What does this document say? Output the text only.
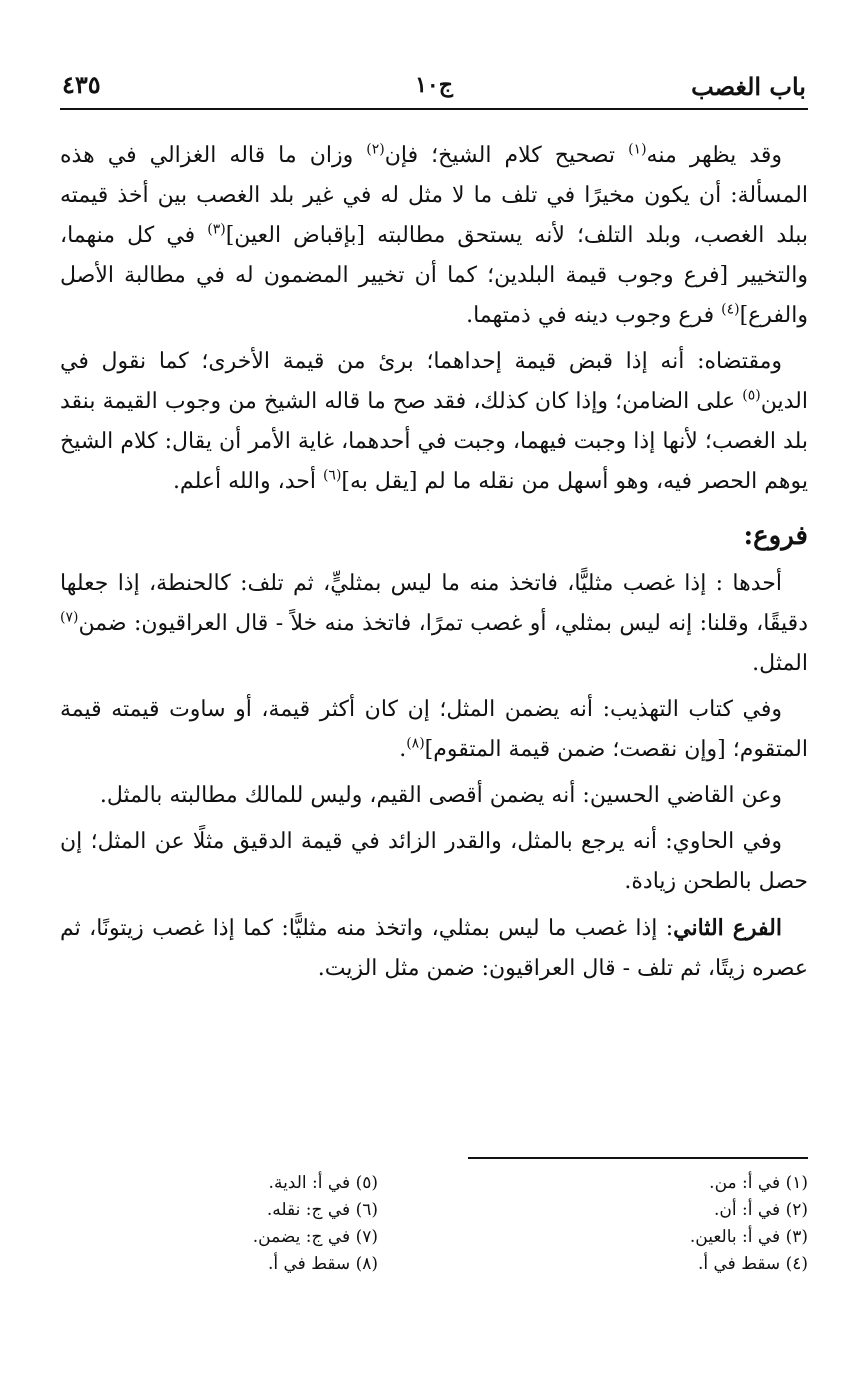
باب الغصب
ج١٠
٤٣٥

وقد يظهر منه$^{(١)}$ تصحيح كلام الشيخ؛ فإن$^{(٢)}$ وزان ما قاله الغزالي في هذه المسألة: أن يكون مخيرًا في تلف ما لا مثل له في غير بلد الغصب بين أخذ قيمته ببلد الغصب، وبلد التلف؛ لأنه يستحق مطالبته [بإقباض العين]$^{(٣)}$ في كل منهما، والتخيير [فرع وجوب قيمة البلدين؛ كما أن تخيير المضمون له في مطالبة الأصل والفرع]$^{(٤)}$ فرع وجوب دينه في ذمتهما.

ومقتضاه: أنه إذا قبض قيمة إحداهما؛ برئ من قيمة الأخرى؛ كما نقول في الدين$^{(٥)}$ على الضامن؛ وإذا كان كذلك، فقد صح ما قاله الشيخ من وجوب القيمة بنقد بلد الغصب؛ لأنها إذا وجبت فيهما، وجبت في أحدهما، غاية الأمر أن يقال: كلام الشيخ يوهم الحصر فيه، وهو أسهل من نقله ما لم [يقل به]$^{(٦)}$ أحد، والله أعلم.

فروع:

أحدها : إذا غصب مثليًّا، فاتخذ منه ما ليس بمثليٍّ، ثم تلف: كالحنطة، إذا جعلها دقيقًا، وقلنا: إنه ليس بمثلي، أو غصب تمرًا، فاتخذ منه خلاً - قال العراقيون: ضمن$^{(٧)}$ المثل.

وفي كتاب التهذيب: أنه يضمن المثل؛ إن كان أكثر قيمة، أو ساوت قيمته قيمة المتقوم؛ [وإن نقصت؛ ضمن قيمة المتقوم]$^{(٨)}$.

وعن القاضي الحسين: أنه يضمن أقصى القيم، وليس للمالك مطالبته بالمثل.

وفي الحاوي: أنه يرجع بالمثل، والقدر الزائد في قيمة الدقيق مثلًا عن المثل؛ إن حصل بالطحن زيادة.

الفرع الثاني: إذا غصب ما ليس بمثلي، واتخذ منه مثليًّا: كما إذا غصب زيتونًا، ثم عصره زيتًا، ثم تلف - قال العراقيون: ضمن مثل الزيت.

(١) في أ: من.

(٢) في أ: أن.

(٣) في أ: بالعين.

(٤) سقط في أ.

(٥) في أ: الدية.

(٦) في ج: نقله.

(٧) في ج: يضمن.

(٨) سقط في أ.
